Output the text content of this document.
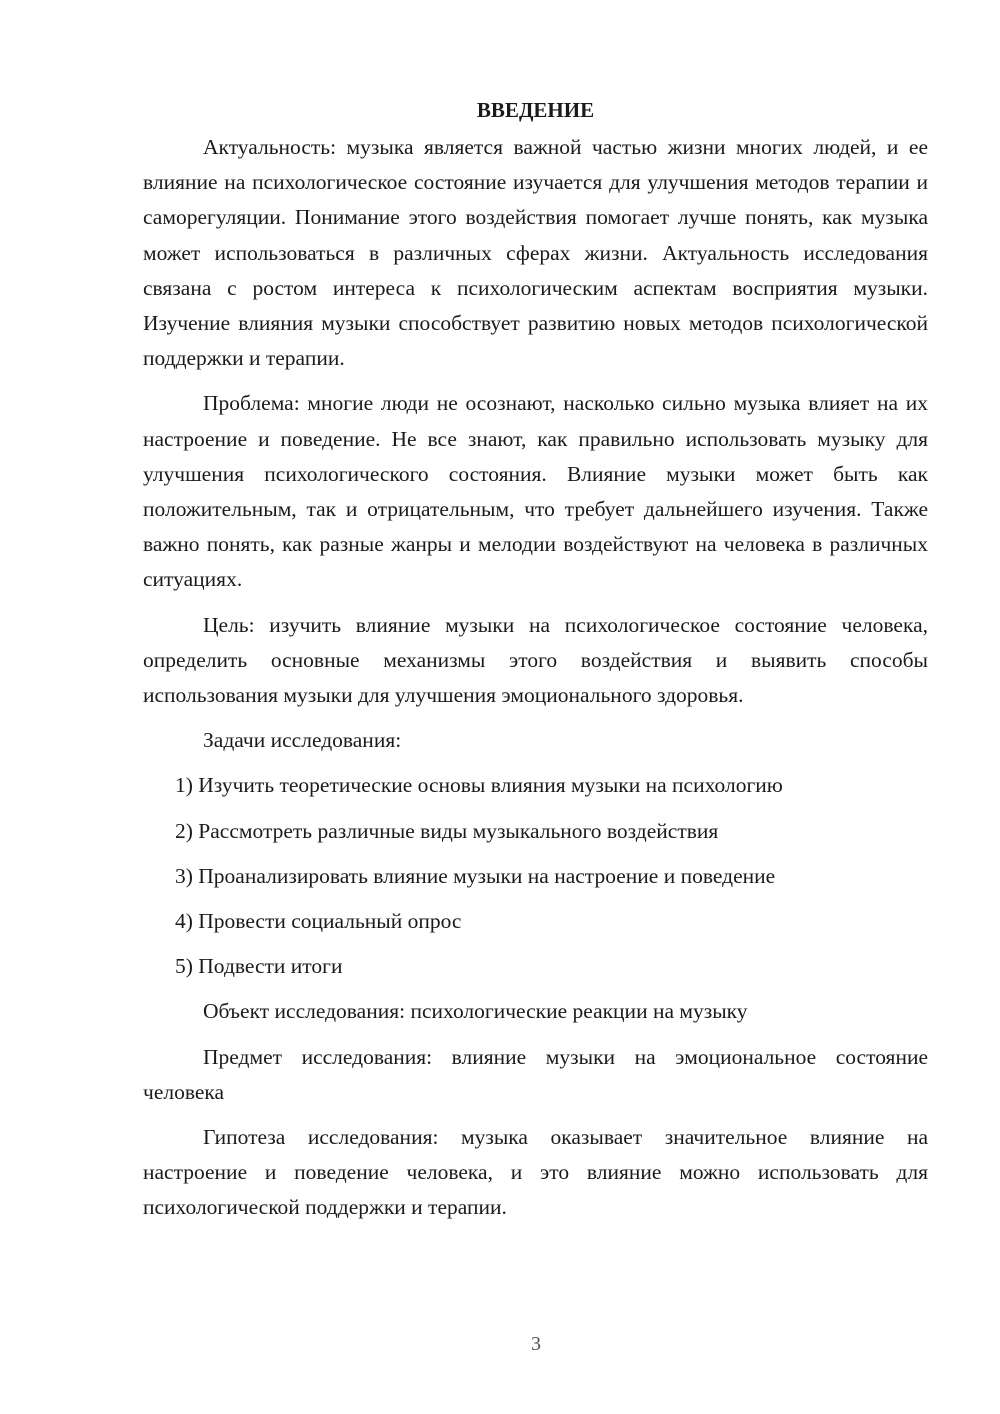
ВВЕДЕНИЕ

Актуальность: музыка является важной частью жизни многих людей, и ее влияние на психологическое состояние изучается для улучшения методов терапии и саморегуляции. Понимание этого воздействия помогает лучше понять, как музыка может использоваться в различных сферах жизни. Актуальность исследования связана с ростом интереса к психологическим аспектам восприятия музыки. Изучение влияния музыки способствует развитию новых методов психологической поддержки и терапии.

Проблема: многие люди не осознают, насколько сильно музыка влияет на их настроение и поведение. Не все знают, как правильно использовать музыку для улучшения психологического состояния. Влияние музыки может быть как положительным, так и отрицательным, что требует дальнейшего изучения. Также важно понять, как разные жанры и мелодии воздействуют на человека в различных ситуациях.

Цель: изучить влияние музыки на психологическое состояние человека, определить основные механизмы этого воздействия и выявить способы использования музыки для улучшения эмоционального здоровья.

Задачи исследования:

1) Изучить теоретические основы влияния музыки на психологию
2) Рассмотреть различные виды музыкального воздействия
3) Проанализировать влияние музыки на настроение и поведение
4) Провести социальный опрос
5) Подвести итоги

Объект исследования: психологические реакции на музыку

Предмет исследования: влияние музыки на эмоциональное состояние человека

Гипотеза исследования: музыка оказывает значительное влияние на настроение и поведение человека, и это влияние можно использовать для психологической поддержки и терапии.

3
